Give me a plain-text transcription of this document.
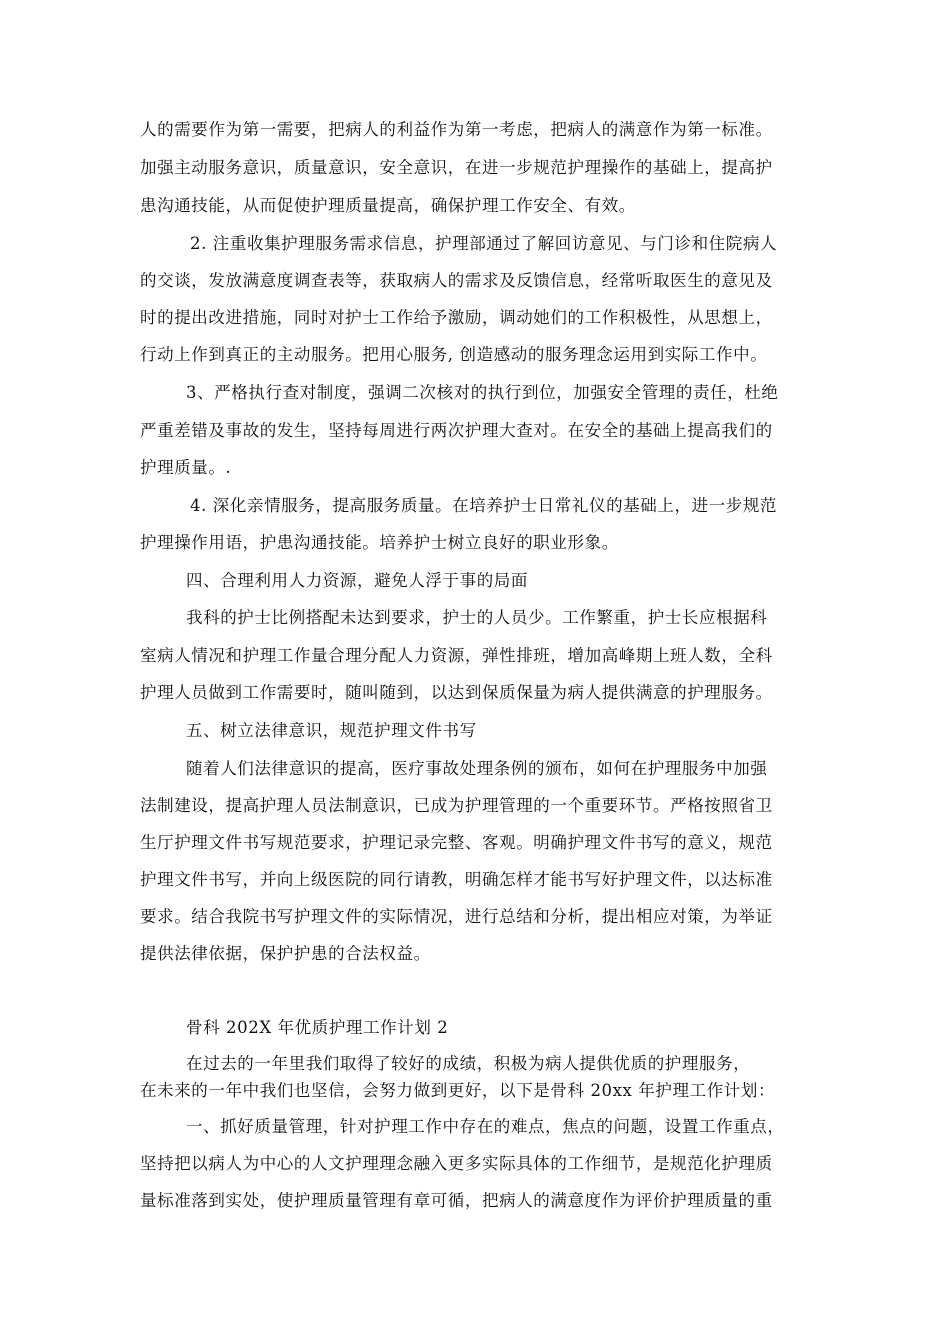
人的需要作为第一需要，把病人的利益作为第一考虑，把病人的满意作为第一标准。
加强主动服务意识，质量意识，安全意识，在进一步规范护理操作的基础上，提高护
患沟通技能，从而促使护理质量提高，确保护理工作安全、有效。
2. 注重收集护理服务需求信息，护理部通过了解回访意见、与门诊和住院病人
的交谈，发放满意度调查表等，获取病人的需求及反馈信息，经常听取医生的意见及
时的提出改进措施，同时对护士工作给予激励，调动她们的工作积极性，从思想上，
行动上作到真正的主动服务。把用心服务, 创造感动的服务理念运用到实际工作中。
3、严格执行查对制度，强调二次核对的执行到位，加强安全管理的责任，杜绝
严重差错及事故的发生，坚持每周进行两次护理大查对。在安全的基础上提高我们的
护理质量。.
4. 深化亲情服务，提高服务质量。在培养护士日常礼仪的基础上，进一步规范
护理操作用语，护患沟通技能。培养护士树立良好的职业形象。
四、合理利用人力资源，避免人浮于事的局面
我科的护士比例搭配未达到要求，护士的人员少。工作繁重，护士长应根据科
室病人情况和护理工作量合理分配人力资源，弹性排班，增加高峰期上班人数，全科
护理人员做到工作需要时，随叫随到，以达到保质保量为病人提供满意的护理服务。
五、树立法律意识，规范护理文件书写
随着人们法律意识的提高，医疗事故处理条例的颁布，如何在护理服务中加强
法制建设，提高护理人员法制意识，已成为护理管理的一个重要环节。严格按照省卫
生厅护理文件书写规范要求，护理记录完整、客观。明确护理文件书写的意义，规范
护理文件书写，并向上级医院的同行请教，明确怎样才能书写好护理文件，以达标准
要求。结合我院书写护理文件的实际情况，进行总结和分析，提出相应对策，为举证
提供法律依据，保护护患的合法权益。
骨科 202X 年优质护理工作计划 2
在过去的一年里我们取得了较好的成绩，积极为病人提供优质的护理服务，
在未来的一年中我们也坚信，会努力做到更好，以下是骨科 20xx 年护理工作计划：
一、抓好质量管理，针对护理工作中存在的难点，焦点的问题，设置工作重点，
坚持把以病人为中心的人文护理理念融入更多实际具体的工作细节，是规范化护理质
量标准落到实处，使护理质量管理有章可循，把病人的满意度作为评价护理质量的重
